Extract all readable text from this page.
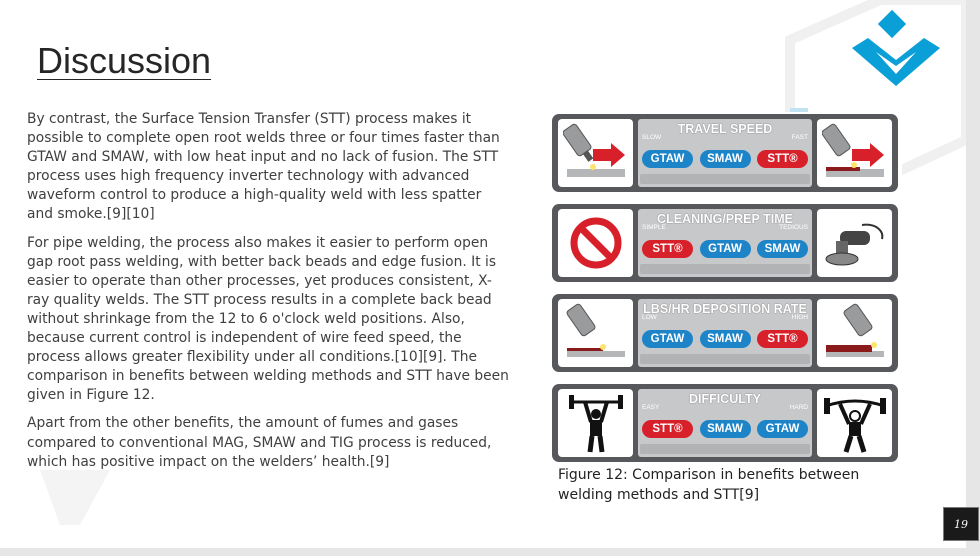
Discussion

By contrast, the Surface Tension Transfer (STT) process makes it possible to complete open root welds three or four times faster than GTAW and SMAW, with low heat input and no lack of fusion. The STT process uses high frequency inverter technology with advanced waveform control to produce a high-quality weld with less spatter and smoke.[9][10]

For pipe welding, the process also makes it easier to perform open gap root pass welding, with better back beads and edge fusion. It is easier to operate than other processes, yet produces consistent, X-ray quality welds. The STT process results in a complete back bead without shrinkage from the 12 to 6 o'clock weld positions. Also, because current control is independent of wire feed speed, the process allows greater flexibility under all conditions.[10][9]. The comparison in benefits between welding methods and STT have been given in Figure 12.

Apart from the other benefits, the amount of fumes and gases compared to conventional MAG, SMAW and TIG process is reduced, which has positive impact on the welders’ health.[9]

TRAVEL SPEED
SLOW	FAST
GTAW	SMAW	STT®
CLEANING/PREP TIME
SIMPLE	TEDIOUS
STT®	GTAW	SMAW
LBS/HR DEPOSITION RATE
LOW	HIGH
GTAW	SMAW	STT®
DIFFICULTY
EASY	HARD
STT®	SMAW	GTAW
Figure 12: Comparison in benefits between welding methods and STT[9]
19
